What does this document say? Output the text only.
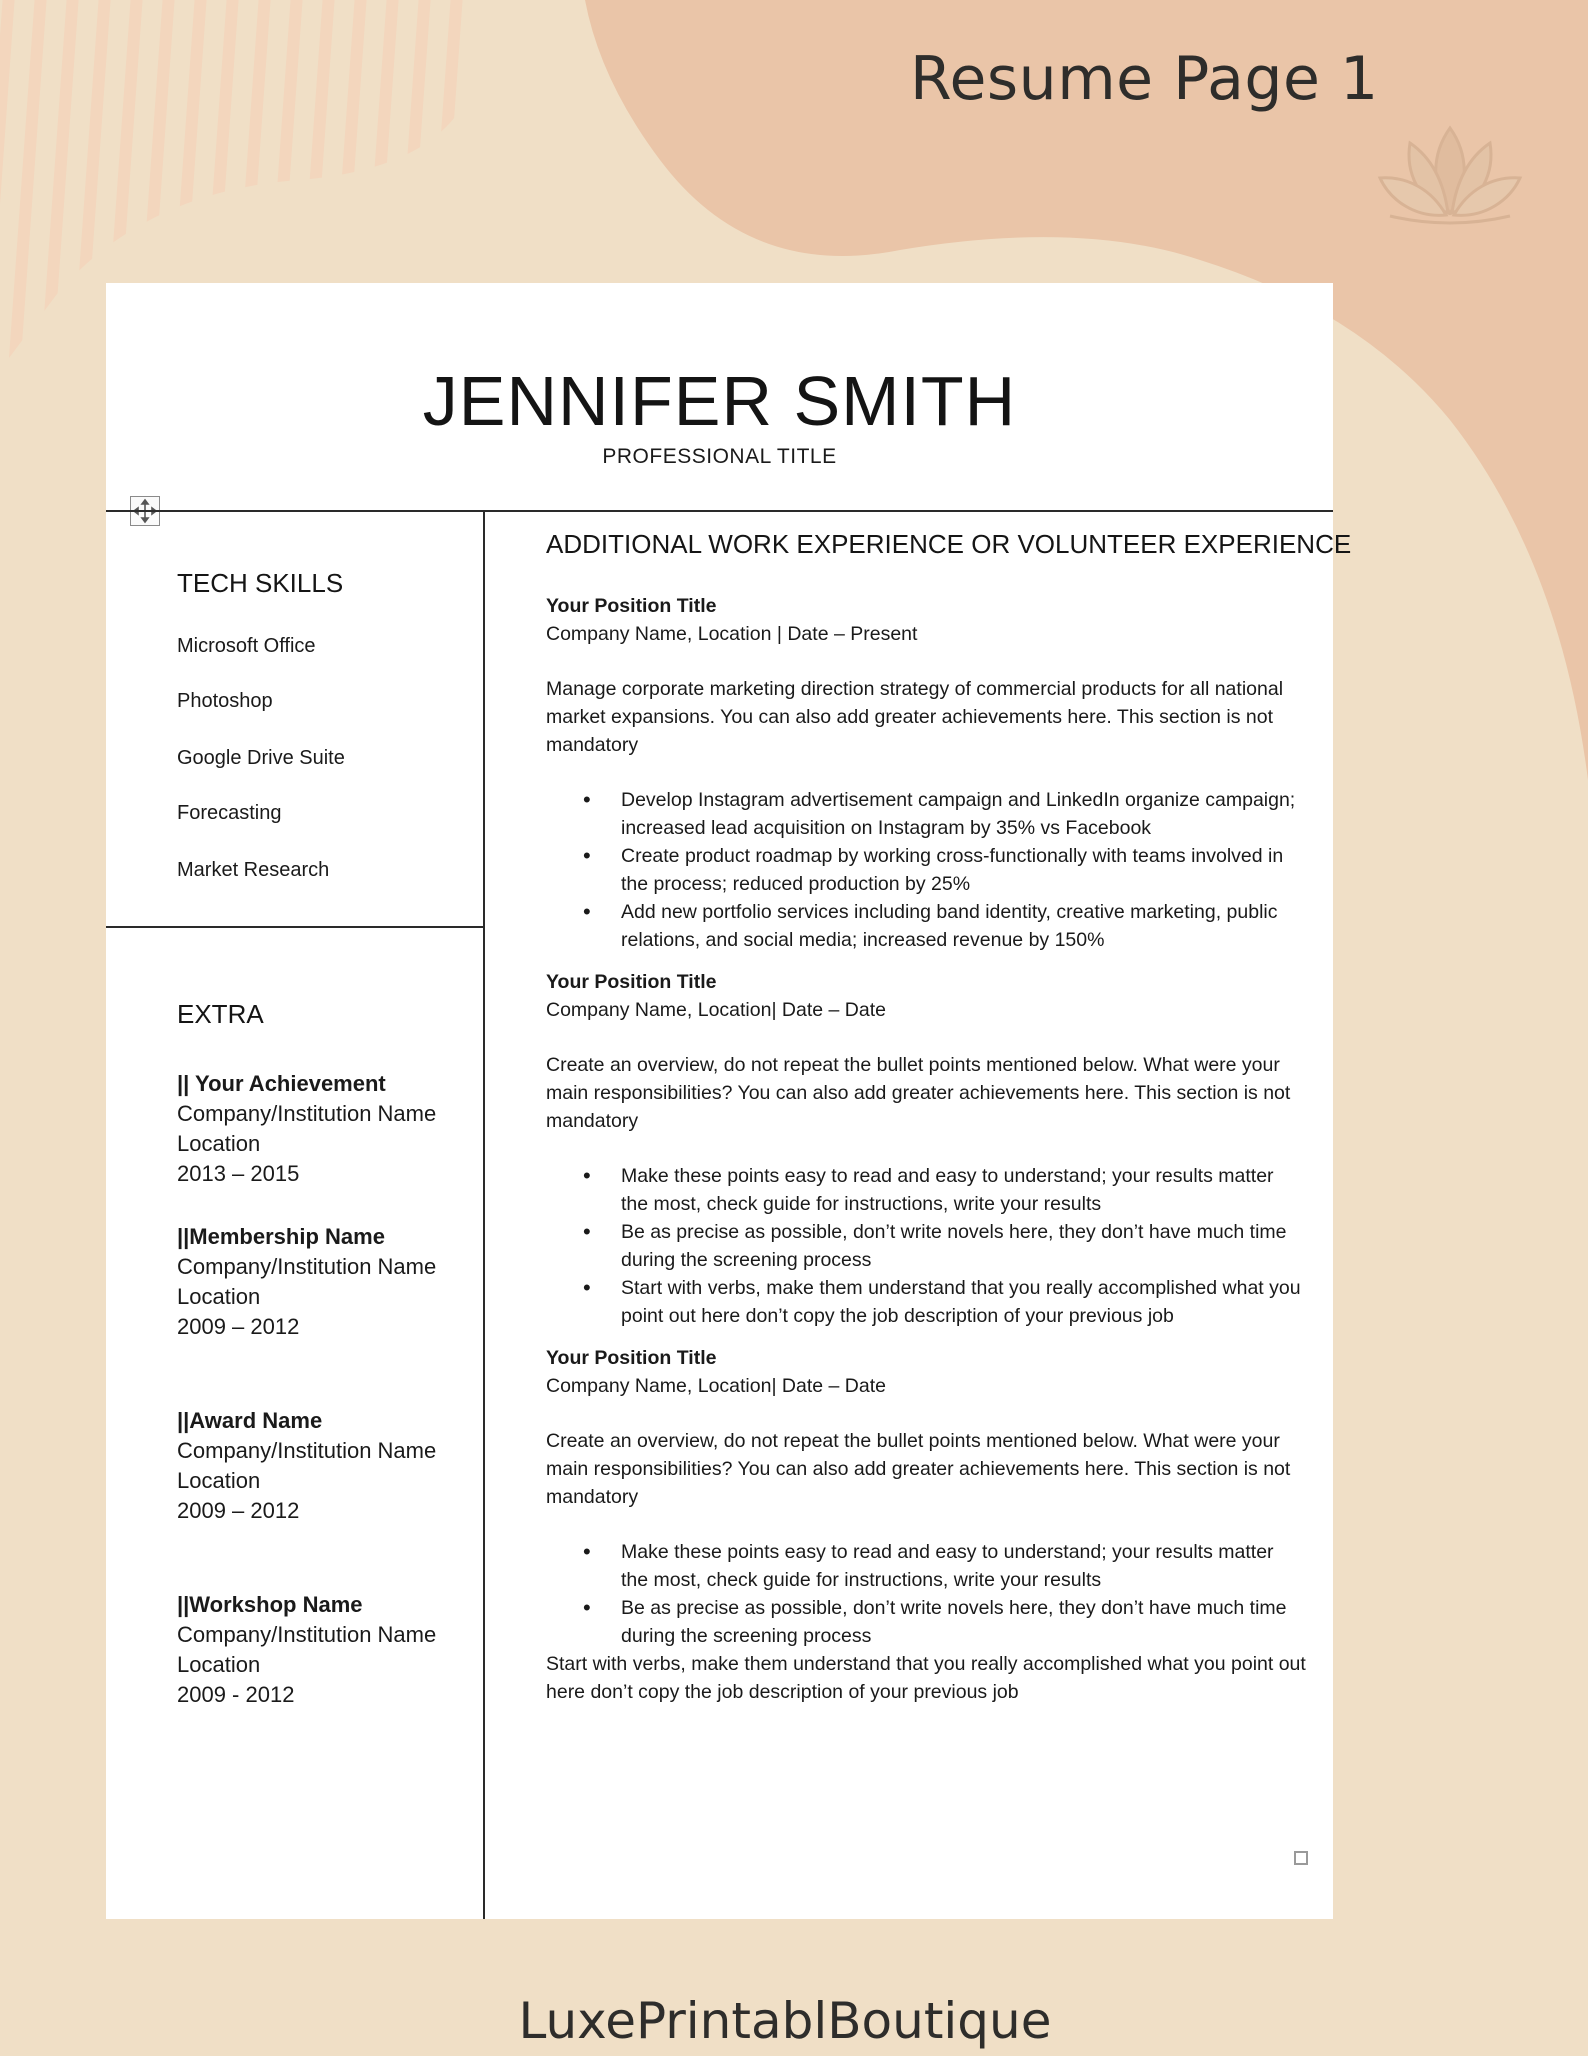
Resume Page 1
JENNIFER SMITH
PROFESSIONAL TITLE
TECH SKILLS
Microsoft Office
Photoshop
Google Drive Suite
Forecasting
Market Research
EXTRA
|| Your Achievement
Company/Institution Name
Location
2013 – 2015
||Membership Name
Company/Institution Name
Location
2009 – 2012
||Award Name
Company/Institution Name
Location
2009 – 2012
||Workshop Name
Company/Institution Name
Location
2009 - 2012
ADDITIONAL WORK EXPERIENCE OR VOLUNTEER EXPERIENCE
Your Position Title

Company Name, Location | Date – Present

Manage corporate marketing direction strategy of commercial products for all national market expansions. You can also add greater achievements here. This section is not mandatory

• Develop Instagram advertisement campaign and LinkedIn organize campaign; increased lead acquisition on Instagram by 35% vs Facebook
• Create product roadmap by working cross-functionally with teams involved in the process; reduced production by 25%
• Add new portfolio services including band identity, creative marketing, public relations, and social media; increased revenue by 150%
Your Position Title

Company Name, Location| Date – Date

Create an overview, do not repeat the bullet points mentioned below. What were your main responsibilities? You can also add greater achievements here. This section is not mandatory

• Make these points easy to read and easy to understand; your results matter the most, check guide for instructions, write your results
• Be as precise as possible, don’t write novels here, they don’t have much time during the screening process
• Start with verbs, make them understand that you really accomplished what you point out here don’t copy the job description of your previous job
Your Position Title

Company Name, Location| Date – Date

Create an overview, do not repeat the bullet points mentioned below. What were your main responsibilities? You can also add greater achievements here. This section is not mandatory

• Make these points easy to read and easy to understand; your results matter the most, check guide for instructions, write your results
• Be as precise as possible, don’t write novels here, they don’t have much time during the screening process

Start with verbs, make them understand that you really accomplished what you point out here don’t copy the job description of your previous job

LuxePrintablBoutique
